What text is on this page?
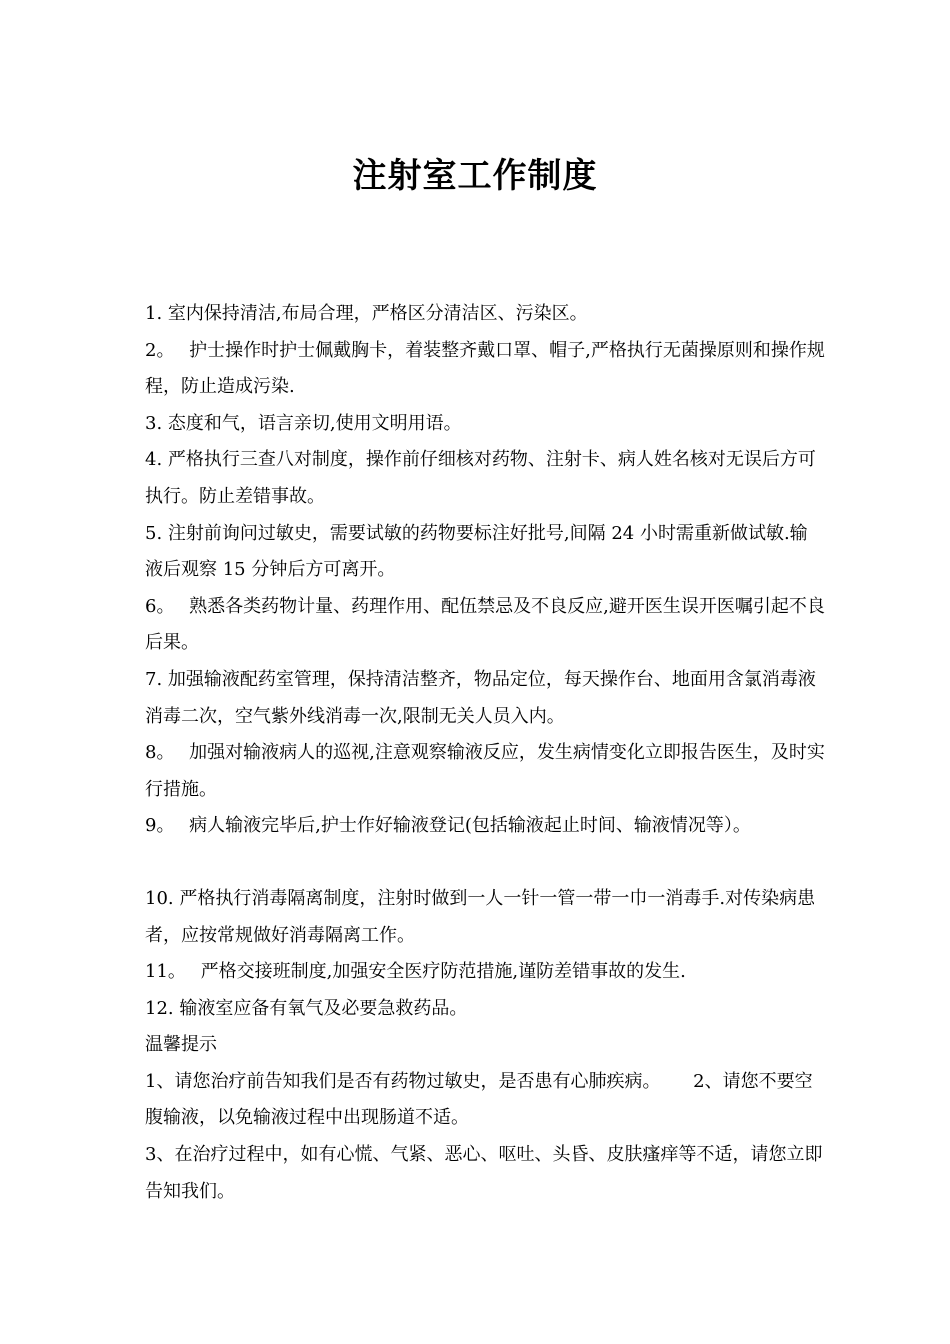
注射室工作制度

1. 室内保持清洁,布局合理，严格区分清洁区、污染区。

2。　 护士操作时护士佩戴胸卡，着装整齐戴口罩、帽子,严格执行无菌操原则和操作规程，防止造成污染.

3. 态度和气，语言亲切,使用文明用语。

4. 严格执行三查八对制度，操作前仔细核对药物、注射卡、病人姓名核对无误后方可执行。防止差错事故。

5. 注射前询问过敏史，需要试敏的药物要标注好批号,间隔 24 小时需重新做试敏.输液后观察 15 分钟后方可离开。

6。　 熟悉各类药物计量、药理作用、配伍禁忌及不良反应,避开医生误开医嘱引起不良后果。

7. 加强输液配药室管理，保持清洁整齐，物品定位，每天操作台、地面用含氯消毒液消毒二次，空气紫外线消毒一次,限制无关人员入内。

8。　 加强对输液病人的巡视,注意观察输液反应，发生病情变化立即报告医生，及时实行措施。

9。　 病人输液完毕后,护士作好输液登记(包括输液起止时间、输液情况等）。

10. 严格执行消毒隔离制度，注射时做到一人一针一管一带一巾一消毒手.对传染病患者，应按常规做好消毒隔离工作。

11。　 严格交接班制度,加强安全医疗防范措施,谨防差错事故的发生.

12. 输液室应备有氧气及必要急救药品。

温馨提示

1、请您治疗前告知我们是否有药物过敏史，是否患有心肺疾病。　　 2、请您不要空腹输液，以免输液过程中出现肠道不适。

3、在治疗过程中，如有心慌、气紧、恶心、呕吐、头昏、皮肤瘙痒等不适，请您立即告知我们。
